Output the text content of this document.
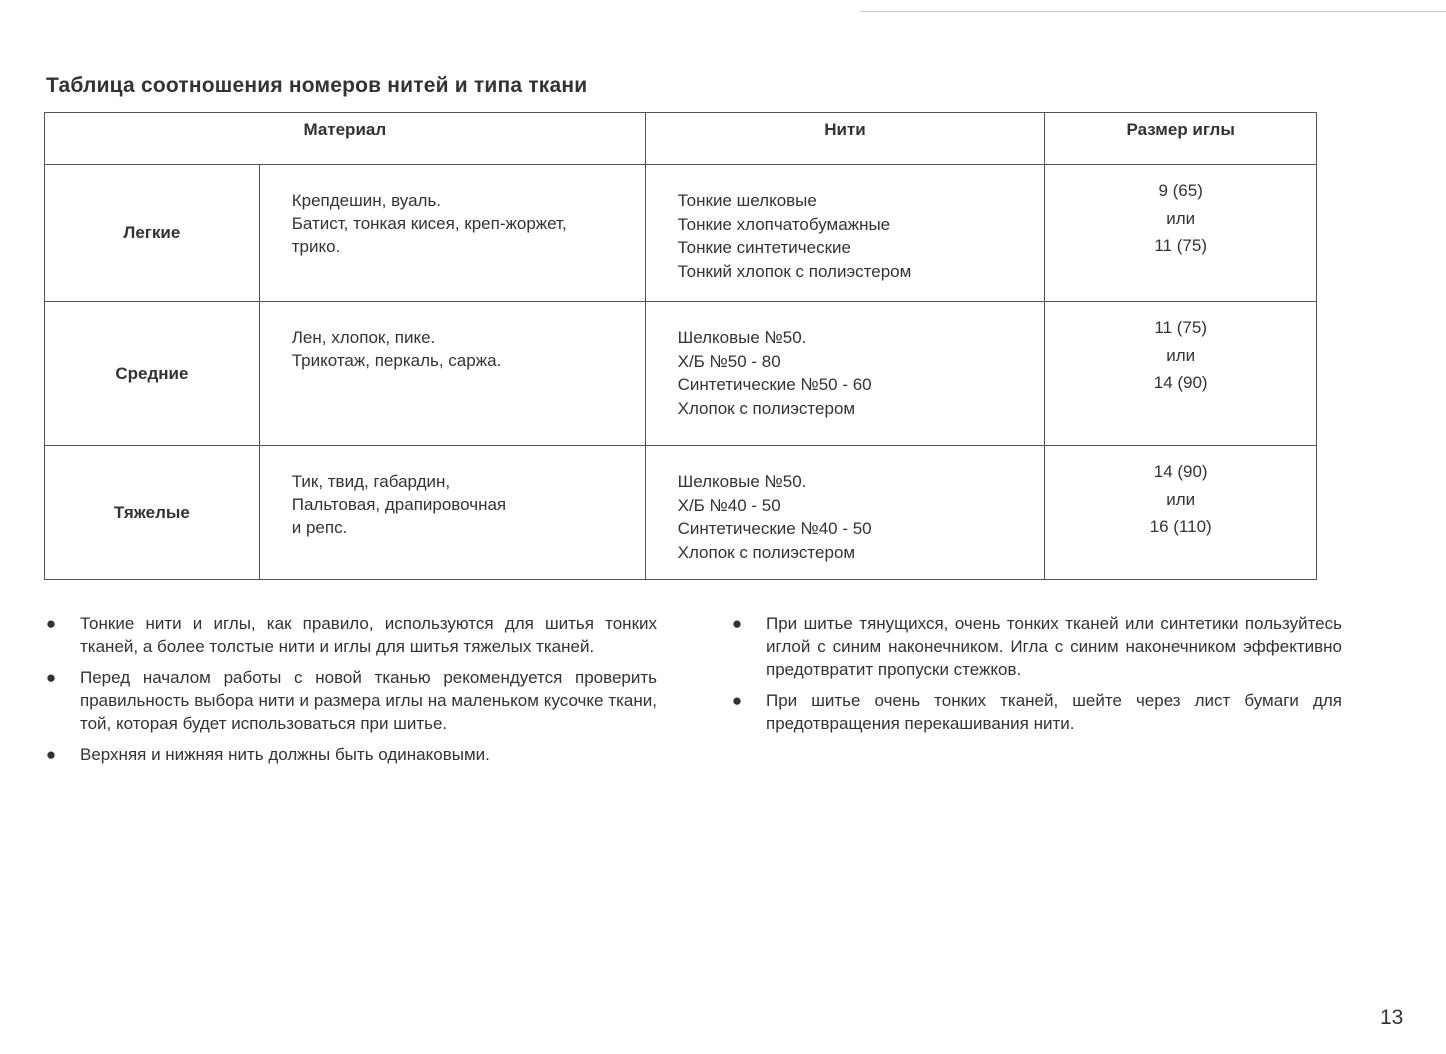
Таблица соотношения номеров нитей и типа ткани
Материал		Нити	Размер иглы
Легкие	Крепдешин, вуаль.
Батист, тонкая кисея, креп-жоржет,
трико.	Тонкие шелковые
Тонкие хлопчатобумажные
Тонкие синтетические
Тонкий хлопок с полиэстером	9 (65)
или
11 (75)

Средние	Лен, хлопок, пике.
Трикотаж, перкаль, саржа.	Шелковые №50.
Х/Б №50 - 80
Синтетические №50 - 60
Хлопок с полиэстером	11 (75)
или
14 (90)

Тяжелые	Тик, твид, габардин,
Пальтовая, драпировочная
и репс.	Шелковые №50.
Х/Б №40 - 50
Синтетические №40 - 50
Хлопок с полиэстером	14 (90)
или
16 (110)
● Тонкие нити и иглы, как правило, используются для шитья тонких тканей, а более толстые нити и иглы для шитья тяжелых тканей.
● Перед началом работы с новой тканью рекомендуется проверить правильность выбора нити и размера иглы на маленьком кусочке ткани, той, которая будет использоваться при шитье.
● Верхняя и нижняя нить должны быть одинаковыми.
● При шитье тянущихся, очень тонких тканей или синтетики пользуйтесь иглой с синим наконечником. Игла с синим наконечником эффективно предотвратит пропуски стежков.
● При шитье очень тонких тканей, шейте через лист бумаги для предотвращения перекашивания нити.
13
